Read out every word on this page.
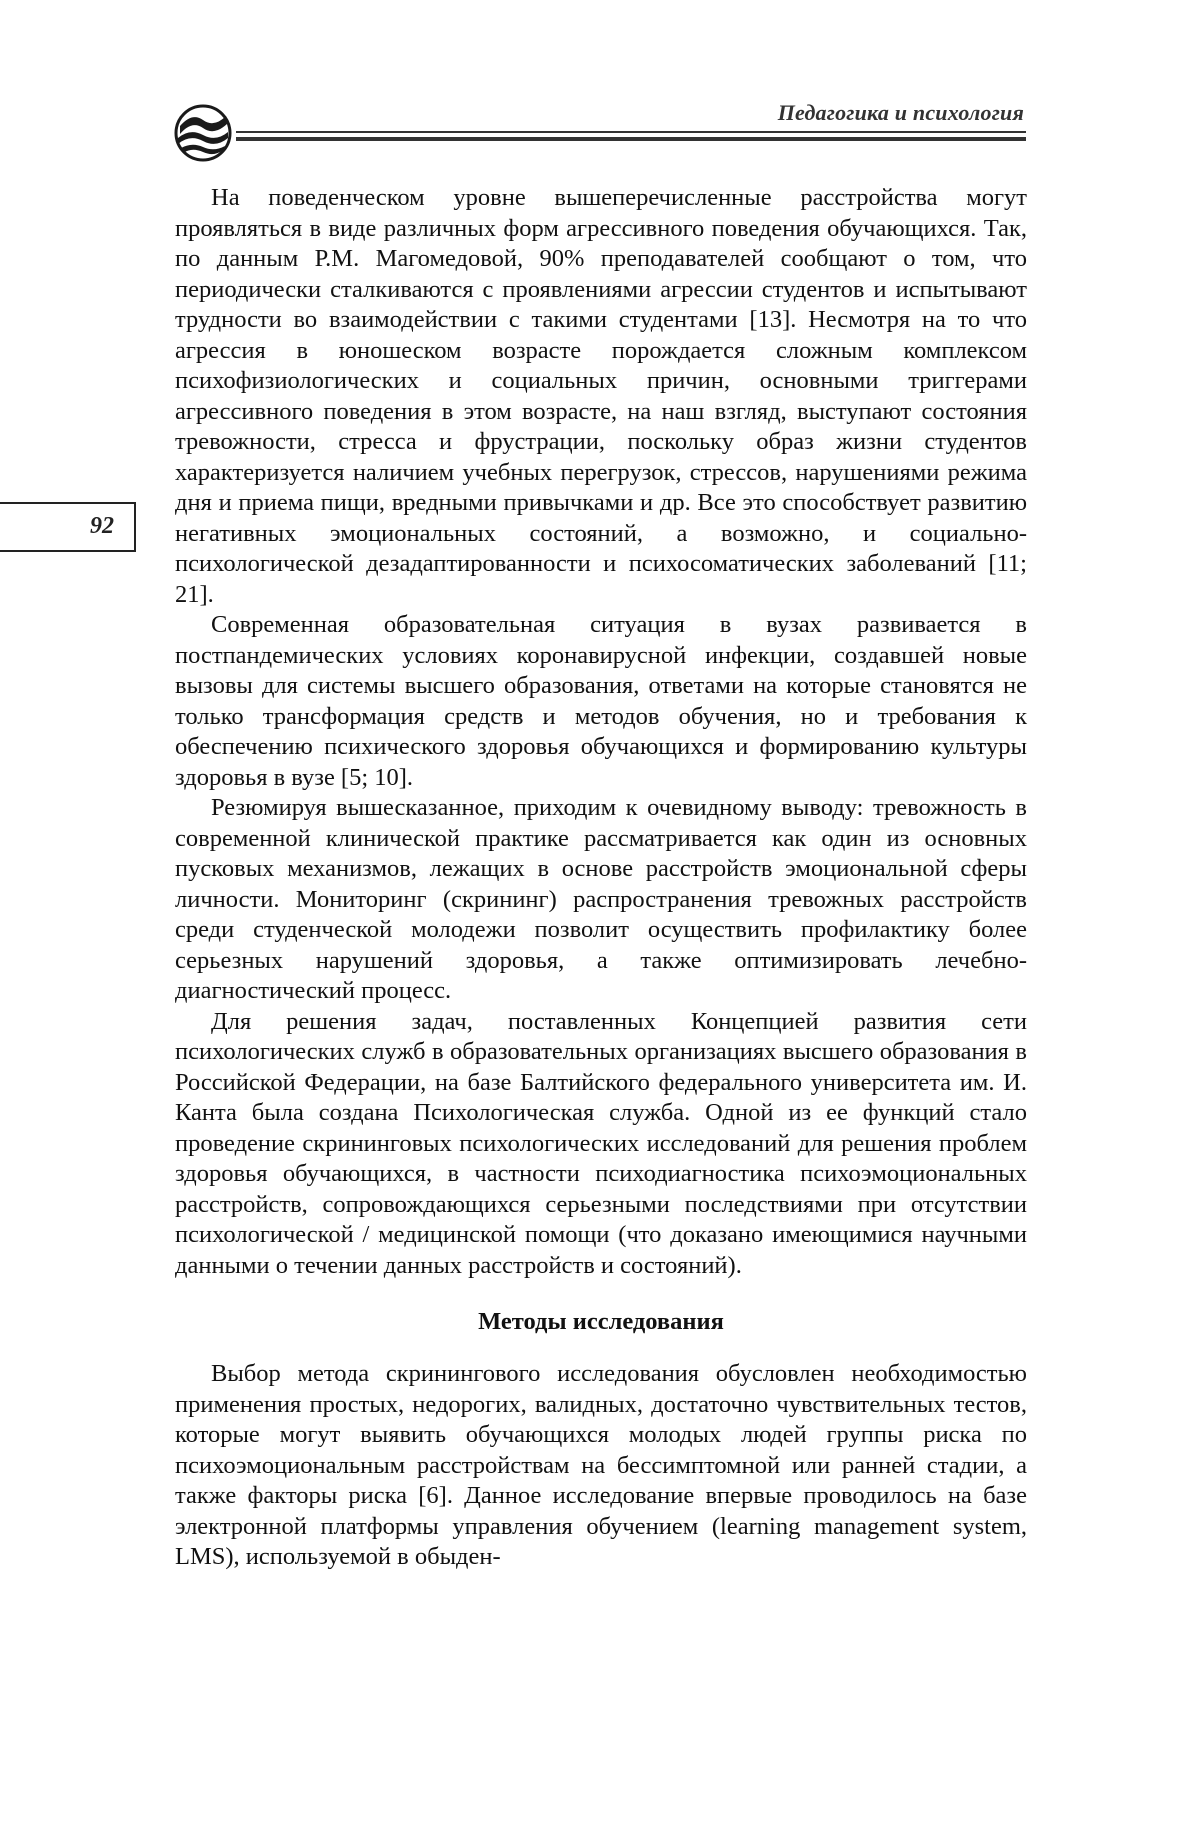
Педагогика и психология
92

На поведенческом уровне вышеперечисленные расстройства могут проявляться в виде различных форм агрессивного поведения обучающихся. Так, по данным Р.М. Магомедовой, 90% преподавателей сообщают о том, что периодически сталкиваются с проявлениями агрессии студентов и испытывают трудности во взаимодействии с такими студентами [13]. Несмотря на то что агрессия в юношеском возрасте порождается сложным комплексом психофизиологических и социальных причин, основными триггерами агрессивного поведения в этом возрасте, на наш взгляд, выступают состояния тревожности, стресса и фрустрации, поскольку образ жизни студентов характеризуется наличием учебных перегрузок, стрессов, нарушениями режима дня и приема пищи, вредными привычками и др. Все это способствует развитию негативных эмоциональных состояний, а возможно, и социально-психологической дезадаптированности и психосоматических заболеваний [11; 21].

Современная образовательная ситуация в вузах развивается в постпандемических условиях коронавирусной инфекции, создавшей новые вызовы для системы высшего образования, ответами на которые становятся не только трансформация средств и методов обучения, но и требования к обеспечению психического здоровья обучающихся и формированию культуры здоровья в вузе [5; 10].

Резюмируя вышесказанное, приходим к очевидному выводу: тревожность в современной клинической практике рассматривается как один из основных пусковых механизмов, лежащих в основе расстройств эмоциональной сферы личности. Мониторинг (скрининг) распространения тревожных расстройств среди студенческой молодежи позволит осуществить профилактику более серьезных нарушений здоровья, а также оптимизировать лечебно- диагностический процесс.

Для решения задач, поставленных Концепцией развития сети психологических служб в образовательных организациях высшего образования в Российской Федерации, на базе Балтийского федерального университета им. И. Канта была создана Психологическая служба. Одной из ее функций стало проведение скрининговых психологических исследований для решения проблем здоровья обучающихся, в частности психодиагностика психоэмоциональных расстройств, сопровождающихся серьезными последствиями при отсутствии психологической / медицинской помощи (что доказано имеющимися научными данными о течении данных расстройств и состояний).

Методы исследования

Выбор метода скринингового исследования обусловлен необходимостью применения простых, недорогих, валидных, достаточно чувствительных тестов, которые могут выявить обучающихся молодых людей группы риска по психоэмоциональным расстройствам на бессимптомной или ранней стадии, а также факторы риска [6]. Данное исследование впервые проводилось на базе электронной платформы управления обучением (learning management system, LMS), используемой в обыден-
